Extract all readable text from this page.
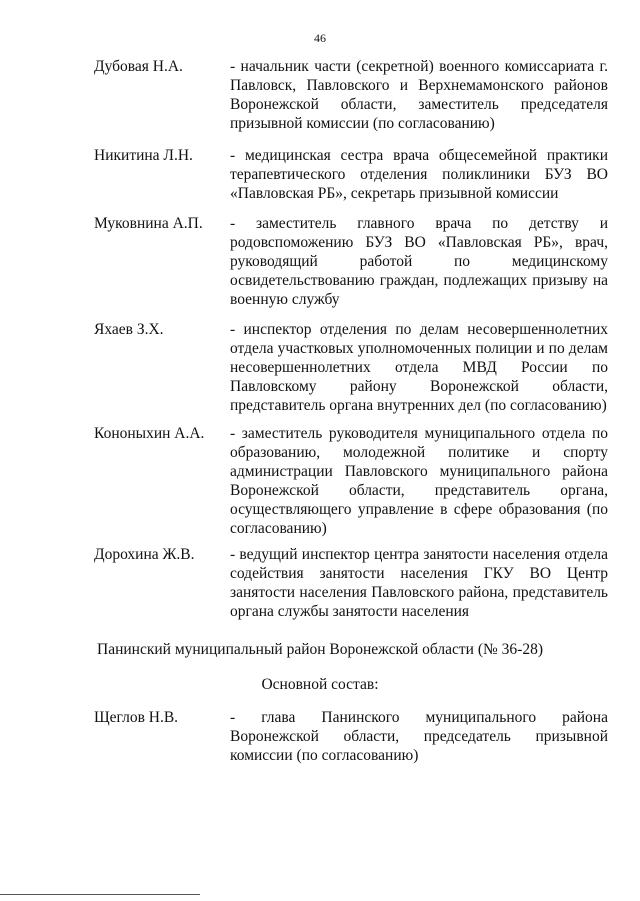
46
Дубовая Н.А.	- начальник части (секретной) военного комиссариата г. Павловск, Павловского и Верхнемамонского районов Воронежской области, заместитель председателя призывной комиссии (по согласованию)
Никитина Л.Н.	- медицинская сестра врача общесемейной практики терапевтического отделения поликлиники БУЗ ВО «Павловская РБ», секретарь призывной комиссии
Муковнина А.П.	- заместитель главного врача по детству и родовспоможению БУЗ ВО «Павловская РБ», врач, руководящий работой по медицинскому освидетельствованию граждан, подлежащих призыву на военную службу
Яхаев З.Х.	- инспектор отделения по делам несовершеннолетних отдела участковых уполномоченных полиции и по делам несовершеннолетних отдела МВД России по Павловскому району Воронежской области, представитель органа внутренних дел (по согласованию)
Кононыхин А.А.	- заместитель руководителя муниципального отдела по образованию, молодежной политике и спорту администрации Павловского муниципального района Воронежской области, представитель органа, осуществляющего управление в сфере образования (по согласованию)
Дорохина Ж.В.	- ведущий инспектор центра занятости населения отдела содействия занятости населения ГКУ ВО Центр занятости населения Павловского района, представитель органа службы занятости населения
Панинский муниципальный район Воронежской области (№ 36-28)
Основной состав:
Щеглов Н.В.	- глава Панинского муниципального района Воронежской области, председатель призывной комиссии (по согласованию)
